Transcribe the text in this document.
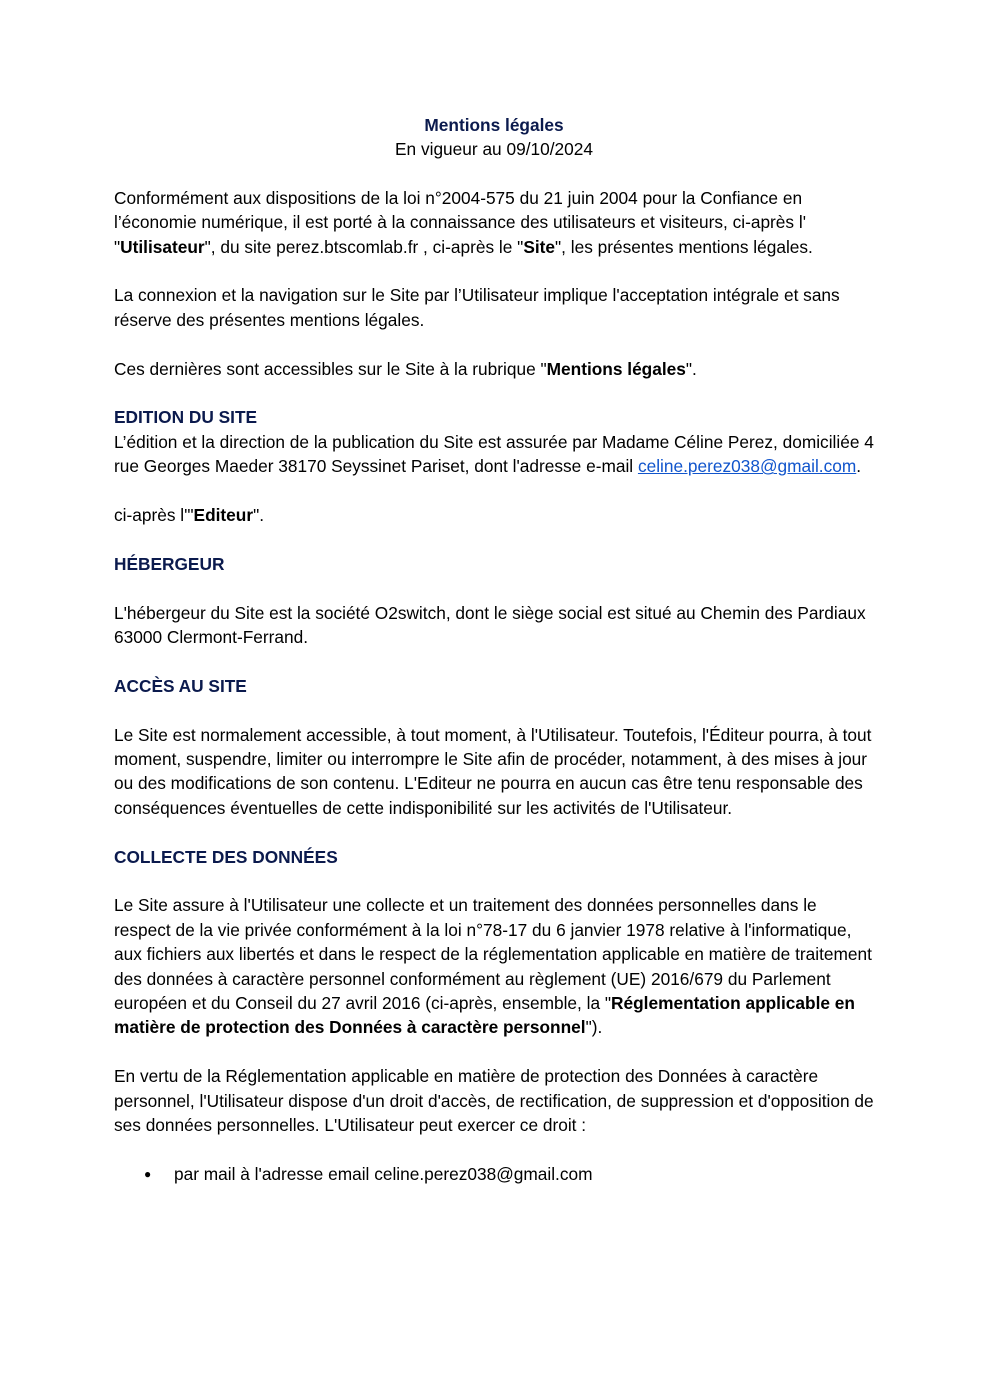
Mentions légales
En vigueur au 09/10/2024

Conformément aux dispositions de la loi n°2004-575 du 21 juin 2004 pour la Confiance en l’économie numérique, il est porté à la connaissance des utilisateurs et visiteurs, ci-après l' "Utilisateur", du site perez.btscomlab.fr , ci-après le "Site", les présentes mentions légales.

La connexion et la navigation sur le Site par l’Utilisateur implique l'acceptation intégrale et sans réserve des présentes mentions légales.

Ces dernières sont accessibles sur le Site à la rubrique "Mentions légales".

EDITION DU SITE

L’édition et la direction de la publication du Site est assurée par Madame Céline Perez, domiciliée 4 rue Georges Maeder 38170 Seyssinet Pariset, dont l'adresse e-mail celine.perez038@gmail.com.

ci-après l'"Editeur".

HÉBERGEUR

L'hébergeur du Site est la société O2switch, dont le siège social est situé au Chemin des Pardiaux 63000 Clermont-Ferrand.

ACCÈS AU SITE

Le Site est normalement accessible, à tout moment, à l'Utilisateur. Toutefois, l'Éditeur pourra, à tout moment, suspendre, limiter ou interrompre le Site afin de procéder, notamment, à des mises à jour ou des modifications de son contenu. L'Editeur ne pourra en aucun cas être tenu responsable des conséquences éventuelles de cette indisponibilité sur les activités de l'Utilisateur.

COLLECTE DES DONNÉES

Le Site assure à l'Utilisateur une collecte et un traitement des données personnelles dans le respect de la vie privée conformément à la loi n°78-17 du 6 janvier 1978 relative à l'informatique, aux fichiers aux libertés et dans le respect de la réglementation applicable en matière de traitement des données à caractère personnel conformément au règlement (UE) 2016/679 du Parlement européen et du Conseil du 27 avril 2016 (ci-après, ensemble, la "Réglementation applicable en matière de protection des Données à caractère personnel").

En vertu de la Réglementation applicable en matière de protection des Données à caractère personnel, l'Utilisateur dispose d'un droit d'accès, de rectification, de suppression et d'opposition de ses données personnelles. L'Utilisateur peut exercer ce droit :

● par mail à l'adresse email celine.perez038@gmail.com
